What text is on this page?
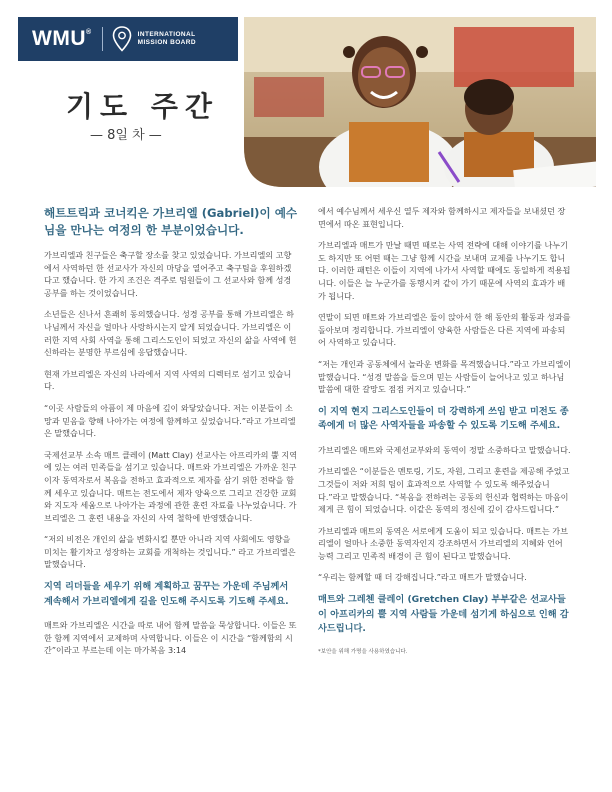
WMU®	INTERNATIONAL
MISSION BOARD
기도 주간
— 8일 차 —
해트트릭과 코너킥은 가브리엘 (Gabriel)이 예수님을 만나는 여정의 한 부분이었습니다.

가브리엘과 친구들은 축구할 장소를 찾고 있었습니다. 가브리엘의 고향에서 사역하던 한 선교사가 자신의 마당을 열어주고 축구팀을 후원하겠다고 했습니다. 한 가지 조건은 격주로 팀원들이 그 선교사와 함께 성경 공부를 하는 것이었습니다.

소년들은 신나서 흔쾌히 동의했습니다. 성경 공부를 통해 가브리엘은 하나님께서 자신을 얼마나 사랑하시는지 알게 되었습니다. 가브리엘은 이러한 지역 사회 사역을 통해 그리스도인이 되었고 자신의 삶을 사역에 헌신하라는 분명한 부르심에 응답했습니다.

현재 가브리엘은 자신의 나라에서 지역 사역의 디렉터로 섬기고 있습니다.

“이곳 사람들의 아픔이 제 마음에 깊이 와닿았습니다. 저는 이분들이 소망과 믿음을 향해 나아가는 여정에 함께하고 싶었습니다.”라고 가브리엘은 말했습니다.

국제선교부 소속 매트 클레이 (Matt Clay) 선교사는 아프리카의 뿔 지역에 있는 여러 민족들을 섬기고 있습니다. 매트와 가브리엘은 가까운 친구이자 동역자로서 복음을 전하고 효과적으로 제자를 삼기 위한 전략을 함께 세우고 있습니다. 매트는 전도에서 제자 양육으로 그리고 건강한 교회와 지도자 세움으로 나아가는 과정에 관한 훈련 자료를 나누었습니다. 가브리엘은 그 훈련 내용을 자신의 사역 철학에 반영했습니다.

“저의 비전은 개인의 삶을 변화시킬 뿐만 아니라 지역 사회에도 영향을 미치는 활기차고 성장하는 교회를 개척하는 것입니다.” 라고 가브리엘은 말했습니다.

지역 리더들을 세우기 위해 계획하고 꿈꾸는 가운데 주님께서 계속해서 가브리엘에게 길을 인도해 주시도록 기도해 주세요.

매트와 가브리엘은 시간을 따로 내어 함께 말씀을 묵상합니다. 이들은 또한 함께 지역에서 교제하며 사역합니다. 이들은 이 시간을 “함께함의 시간”이라고 부르는데 이는 마가복음 3:14

에서 예수님께서 세우신 열두 제자와 함께하시고 제자들을 보내셨던 장면에서 따온 표현입니다.

가브리엘과 매트가 만날 때면 때로는 사역 전략에 대해 이야기를 나누기도 하지만 또 어떤 때는 그냥 함께 시간을 보내며 교제를 나누기도 합니다. 이러한 패턴은 이들이 지역에 나가서 사역할 때에도 동일하게 적용됩니다. 이들은 늘 누군가를 동행시켜 같이 가기 때문에 사역의 효과가 배가 됩니다.

연말이 되면 매트와 가브리엘은 둘이 앉아서 한 해 동안의 활동과 성과를 돌아보며 정리합니다. 가브리엘이 양육한 사람들은 다른 지역에 파송되어 사역하고 있습니다.

“저는 개인과 공동체에서 놀라운 변화를 목격했습니다.”라고 가브리엘이 말했습니다. “성경 말씀을 들으며 믿는 사람들이 늘어나고 있고 하나님 말씀에 대한 갈망도 점점 커지고 있습니다.”

이 지역 현지 그리스도인들이 더 강력하게 쓰임 받고 미전도 종족에게 더 많은 사역자들을 파송할 수 있도록 기도해 주세요.

가브리엘은 매트와 국제선교부와의 동역이 정말 소중하다고 말했습니다.

가브리엘은 “이분들은 멘토링, 기도, 자원, 그리고 훈련을 제공해 주었고 그것들이 저와 저희 팀이 효과적으로 사역할 수 있도록 해주었습니다.”라고 말했습니다. “복음을 전하려는 공동의 헌신과 협력하는 마음이 제게 큰 힘이 되었습니다. 이같은 동역의 정신에 깊이 감사드립니다.”

가브리엘과 매트의 동역은 서로에게 도움이 되고 있습니다. 매트는 가브리엘이 얼마나 소중한 동역자인지 강조하면서 가브리엘의 지혜와 언어 능력 그리고 민족적 배경이 큰 힘이 된다고 말했습니다.

“우리는 함께할 때 더 강해집니다.”라고 매트가 말했습니다.

매트와 그레첸 클레이 (Gretchen Clay) 부부같은 선교사들이 아프리카의 뿔 지역 사람들 가운데 섬기게 하심으로 인해 감사드립니다.
*보안을 위해 가명을 사용하였습니다.
